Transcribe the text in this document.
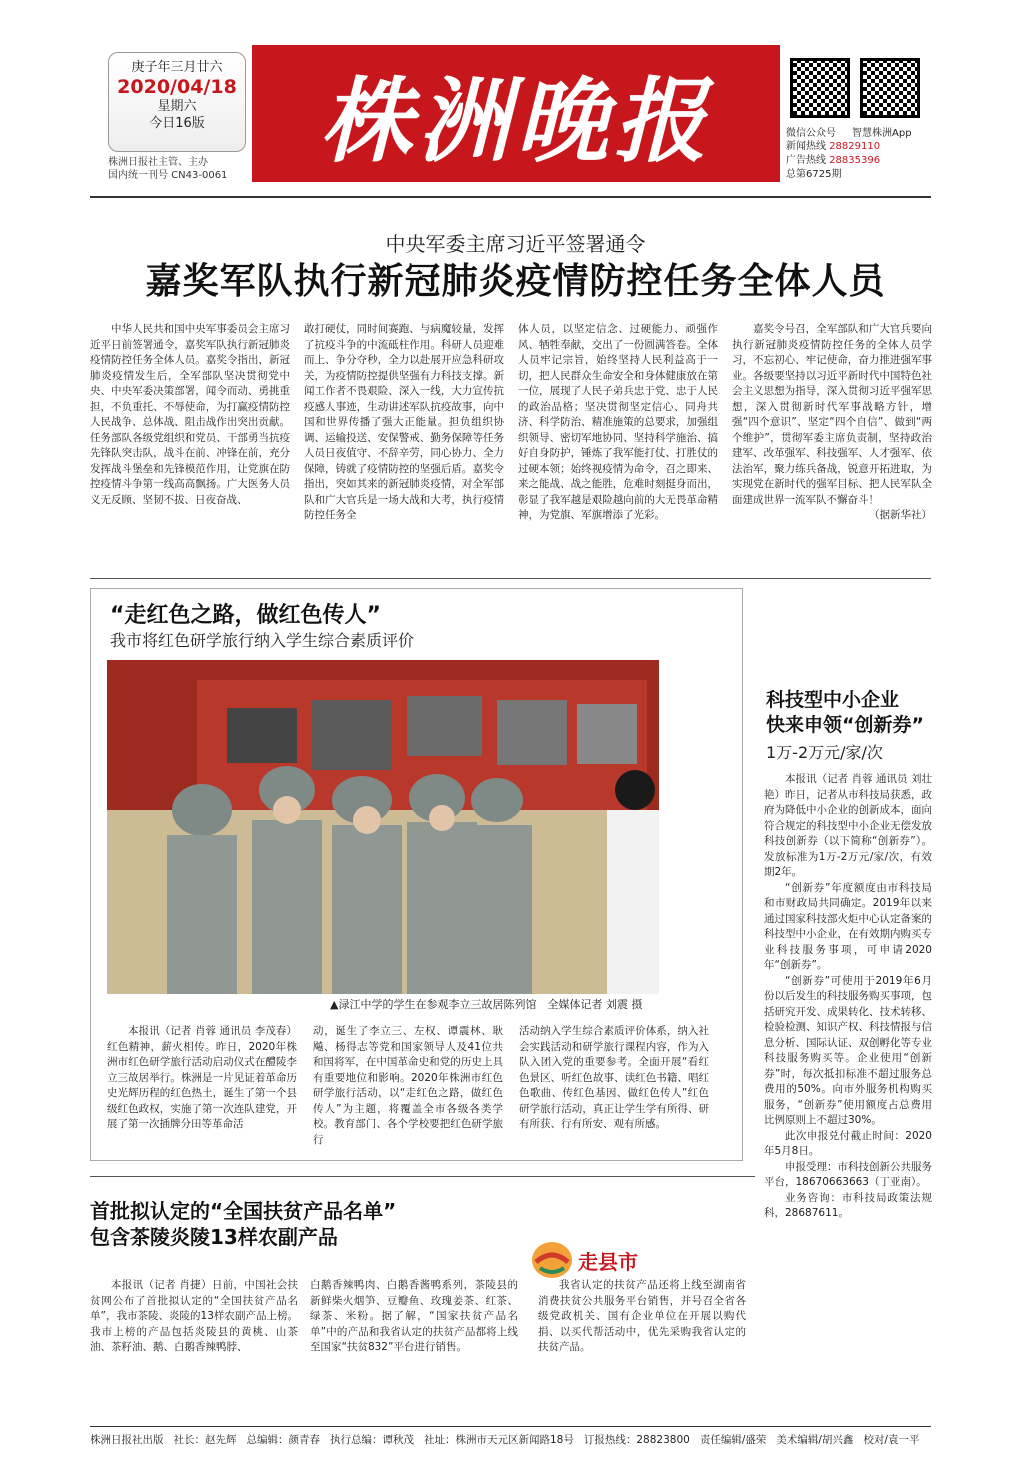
庚子年三月廿六
2020/04/18
星期六
今日16版
株洲日报社主管、主办
国内统一刊号 CN43-0061
株洲晚报	微信公众号 智慧株洲App
新闻热线 28829110
广告热线 28835396
总第6725期
中央军委主席习近平签署通令
嘉奖军队执行新冠肺炎疫情防控任务全体人员

中华人民共和国中央军事委员会主席习近平日前签署通令，嘉奖军队执行新冠肺炎疫情防控任务全体人员。嘉奖令指出，新冠肺炎疫情发生后，全军部队坚决贯彻党中央、中央军委决策部署，闻令而动、勇挑重担，不负重托、不辱使命，为打赢疫情防控人民战争、总体战、阻击战作出突出贡献。任务部队各级党组织和党员、干部勇当抗疫先锋队突击队，战斗在前、冲锋在前，充分发挥战斗堡垒和先锋模范作用，让党旗在防控疫情斗争第一线高高飘扬。广大医务人员义无反顾、坚韧不拔、日夜奋战、

敢打硬仗，同时间赛跑、与病魔较量，发挥了抗疫斗争的中流砥柱作用。科研人员迎难而上、争分夺秒，全力以赴展开应急科研攻关，为疫情防控提供坚强有力科技支撑。新闻工作者不畏艰险、深入一线，大力宣传抗疫感人事迹，生动讲述军队抗疫故事，向中国和世界传播了强大正能量。担负组织协调、运输投送、安保警戒、勤务保障等任务人员日夜值守、不辞辛劳，同心协力、全力保障，铸就了疫情防控的坚强后盾。嘉奖令指出，突如其来的新冠肺炎疫情，对全军部队和广大官兵是一场大战和大考，执行疫情防控任务全

体人员，以坚定信念、过硬能力、顽强作风、牺牲奉献，交出了一份圆满答卷。全体人员牢记宗旨，始终坚持人民利益高于一切，把人民群众生命安全和身体健康放在第一位，展现了人民子弟兵忠于党、忠于人民的政治品格；坚决贯彻坚定信心、同舟共济、科学防治、精准施策的总要求，加强组织领导、密切军地协同、坚持科学施治、搞好自身防护，锤炼了我军能打仗、打胜仗的过硬本领；始终视疫情为命令，召之即来、来之能战、战之能胜，危难时刻挺身而出，彰显了我军越是艰险越向前的大无畏革命精神，为党旗、军旗增添了光彩。

嘉奖令号召，全军部队和广大官兵要向执行新冠肺炎疫情防控任务的全体人员学习，不忘初心、牢记使命，奋力推进强军事业。各级要坚持以习近平新时代中国特色社会主义思想为指导，深入贯彻习近平强军思想，深入贯彻新时代军事战略方针，增强“四个意识”、坚定“四个自信”、做到“两个维护”，贯彻军委主席负责制，坚持政治建军、改革强军、科技强军、人才强军、依法治军，聚力练兵备战，锐意开拓进取，为实现党在新时代的强军目标、把人民军队全面建成世界一流军队不懈奋斗！

（据新华社）
“走红色之路，做红色传人”
我市将红色研学旅行纳入学生综合素质评价
▲渌江中学的学生在参观李立三故居陈列馆　全媒体记者 刘震 摄

本报讯（记者 肖蓉 通讯员 李茂春）红色精神，薪火相传。昨日，2020年株洲市红色研学旅行活动启动仪式在醴陵李立三故居举行。株洲是一片见证着革命历史光辉历程的红色热土，诞生了第一个县级红色政权，实施了第一次连队建党，开展了第一次插牌分田等革命活

动，诞生了李立三、左权、谭震林、耿飚、杨得志等党和国家领导人及41位共和国将军，在中国革命史和党的历史上具有重要地位和影响。2020年株洲市红色研学旅行活动，以“走红色之路，做红色传人”为主题，将覆盖全市各级各类学校。教育部门、各个学校要把红色研学旅行

活动纳入学生综合素质评价体系，纳入社会实践活动和研学旅行课程内容，作为入队入团入党的重要参考。全面开展“看红色景区、听红色故事、读红色书籍、唱红色歌曲、传红色基因、做红色传人”红色研学旅行活动，真正让学生学有所得、研有所获、行有所安、观有所感。

科技型中小企业
快来申领“创新券”
1万-2万元/家/次

本报讯（记者 肖蓉 通讯员 刘壮艳）昨日，记者从市科技局获悉，政府为降低中小企业的创新成本，面向符合规定的科技型中小企业无偿发放科技创新券（以下简称“创新券”）。发放标准为1万-2万元/家/次，有效期2年。

“创新券”年度额度由市科技局和市财政局共同确定。2019年以来通过国家科技部火炬中心认定备案的科技型中小企业，在有效期内购买专业科技服务事项，可申请2020年“创新券”。

“创新券”可使用于2019年6月份以后发生的科技服务购买事项，包括研究开发、成果转化、技术转移、检验检测、知识产权、科技情报与信息分析、国际认证、双创孵化等专业科技服务购买等。企业使用“创新券”时，每次抵扣标准不超过服务总费用的50%。向市外服务机构购买服务，“创新券”使用额度占总费用比例原则上不超过30%。

此次申报兑付截止时间：2020年5月8日。

申报受理：市科技创新公共服务平台，18670663663（丁亚南）。

业务咨询：市科技局政策法规科，28687611。

首批拟认定的“全国扶贫产品名单”
包含茶陵炎陵13样农副产品
走县市

本报讯（记者 肖捷）日前，中国社会扶贫网公布了首批拟认定的“全国扶贫产品名单”，我市茶陵、炎陵的13样农副产品上榜。我市上榜的产品包括炎陵县的黄桃、山茶油、茶籽油、鹅、白鹅香辣鸭脖、

白鹅香辣鸭肉、白鹅香酱鸭系列，茶陵县的新鲜柴火烟笋、豆瓣鱼、玫瑰姜茶、红茶、绿茶、米粉。据了解，“国家扶贫产品名单”中的产品和我省认定的扶贫产品都将上线至国家“扶贫832”平台进行销售。

我省认定的扶贫产品还将上线至湖南省消费扶贫公共服务平台销售，并号召全省各级党政机关、国有企业单位在开展以购代捐、以买代帮活动中，优先采购我省认定的扶贫产品。

株洲日报社出版 社长：赵先辉 总编辑：颜青春 执行总编：谭秋茂 社址：株洲市天元区新闻路18号 订报热线：28823800 责任编辑/盛荣 美术编辑/胡兴鑫 校对/袁一平
